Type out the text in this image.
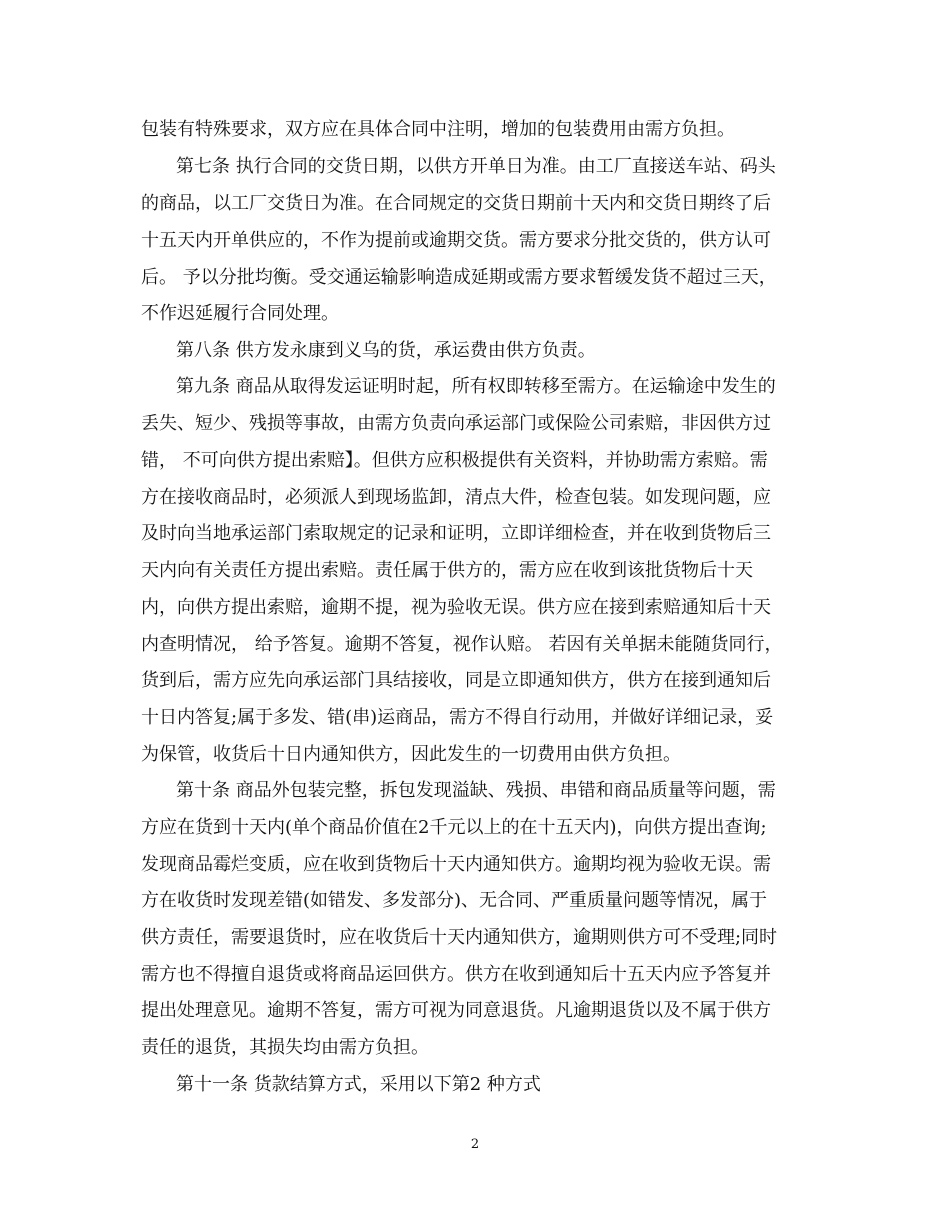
包装有特殊要求，双方应在具体合同中注明，增加的包装费用由需方负担。
第七条 执行合同的交货日期，以供方开单日为准。由工厂直接送车站、码头
的商品，以工厂交货日为准。在合同规定的交货日期前十天内和交货日期终了后
十五天内开单供应的，不作为提前或逾期交货。需方要求分批交货的，供方认可
后。 予以分批均衡。受交通运输影响造成延期或需方要求暂缓发货不超过三天，
不作迟延履行合同处理。
第八条 供方发永康到义乌的货，承运费由供方负责。
第九条 商品从取得发运证明时起，所有权即转移至需方。在运输途中发生的
丢失、短少、残损等事故，由需方负责向承运部门或保险公司索赔，非因供方过
错， 不可向供方提出索赔】。但供方应积极提供有关资料，并协助需方索赔。需
方在接收商品时，必须派人到现场监卸，清点大件，检查包装。如发现问题，应
及时向当地承运部门索取规定的记录和证明，立即详细检查，并在收到货物后三
天内向有关责任方提出索赔。责任属于供方的，需方应在收到该批货物后十天
内，向供方提出索赔，逾期不提，视为验收无误。供方应在接到索赔通知后十天
内查明情况， 给予答复。逾期不答复，视作认赔。 若因有关单据未能随货同行，
货到后，需方应先向承运部门具结接收，同是立即通知供方，供方在接到通知后
十日内答复;属于多发、错(串)运商品，需方不得自行动用，并做好详细记录，妥
为保管，收货后十日内通知供方，因此发生的一切费用由供方负担。
第十条 商品外包装完整，拆包发现溢缺、残损、串错和商品质量等问题，需
方应在货到十天内(单个商品价值在2千元以上的在十五天内)，向供方提出查询;
发现商品霉烂变质，应在收到货物后十天内通知供方。逾期均视为验收无误。需
方在收货时发现差错(如错发、多发部分)、无合同、严重质量问题等情况，属于
供方责任，需要退货时，应在收货后十天内通知供方，逾期则供方可不受理;同时
需方也不得擅自退货或将商品运回供方。供方在收到通知后十五天内应予答复并
提出处理意见。逾期不答复，需方可视为同意退货。凡逾期退货以及不属于供方
责任的退货，其损失均由需方负担。
第十一条 货款结算方式，采用以下第2 种方式
2
